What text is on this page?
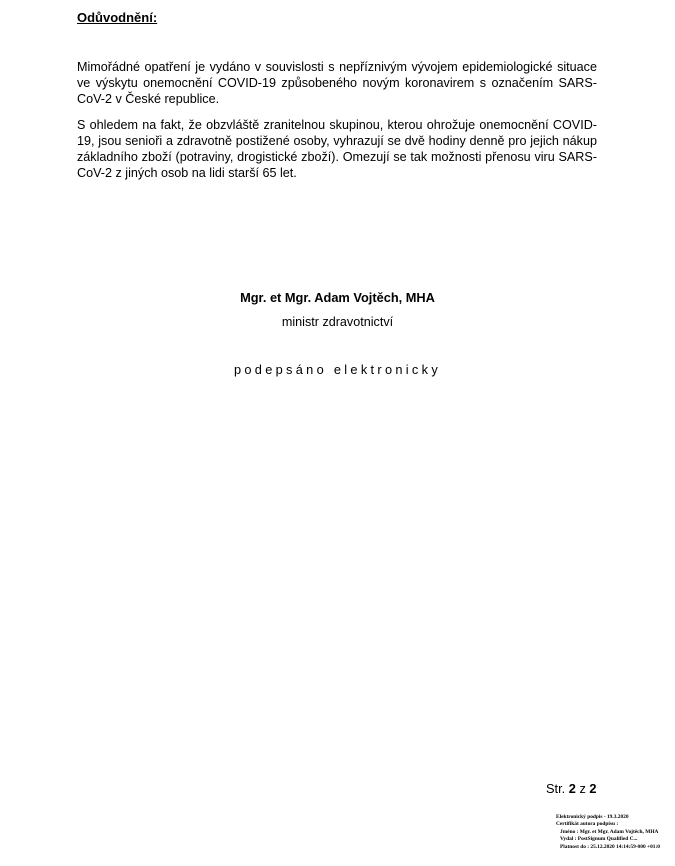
Odůvodnění:

Mimořádné opatření je vydáno v souvislosti s nepříznivým vývojem epidemiologické situace ve výskytu onemocnění COVID-19 způsobeného novým koronavirem s označením SARS-CoV-2 v České republice.

S ohledem na fakt, že obzvláště zranitelnou skupinou, kterou ohrožuje onemocnění COVID-19, jsou senioři a zdravotně postižené osoby, vyhrazují se dvě hodiny denně pro jejich nákup základního zboží (potraviny, drogistické zboží). Omezují se tak možnosti přenosu viru SARS-CoV-2 z jiných osob na lidi starší 65 let.

Mgr. et Mgr. Adam Vojtěch, MHA
ministr zdravotnictví
podepsáno elektronicky
Str. 2 z 2
Elektronický podpis - 19.3.2020
Certifikát autora podpisu :
Jméno : Mgr. et Mgr. Adam Vojtěch, MHA
Vydal : PostSignum Qualified C...
Platnost do : 25.12.2020 14:14:59-000 +01:0
